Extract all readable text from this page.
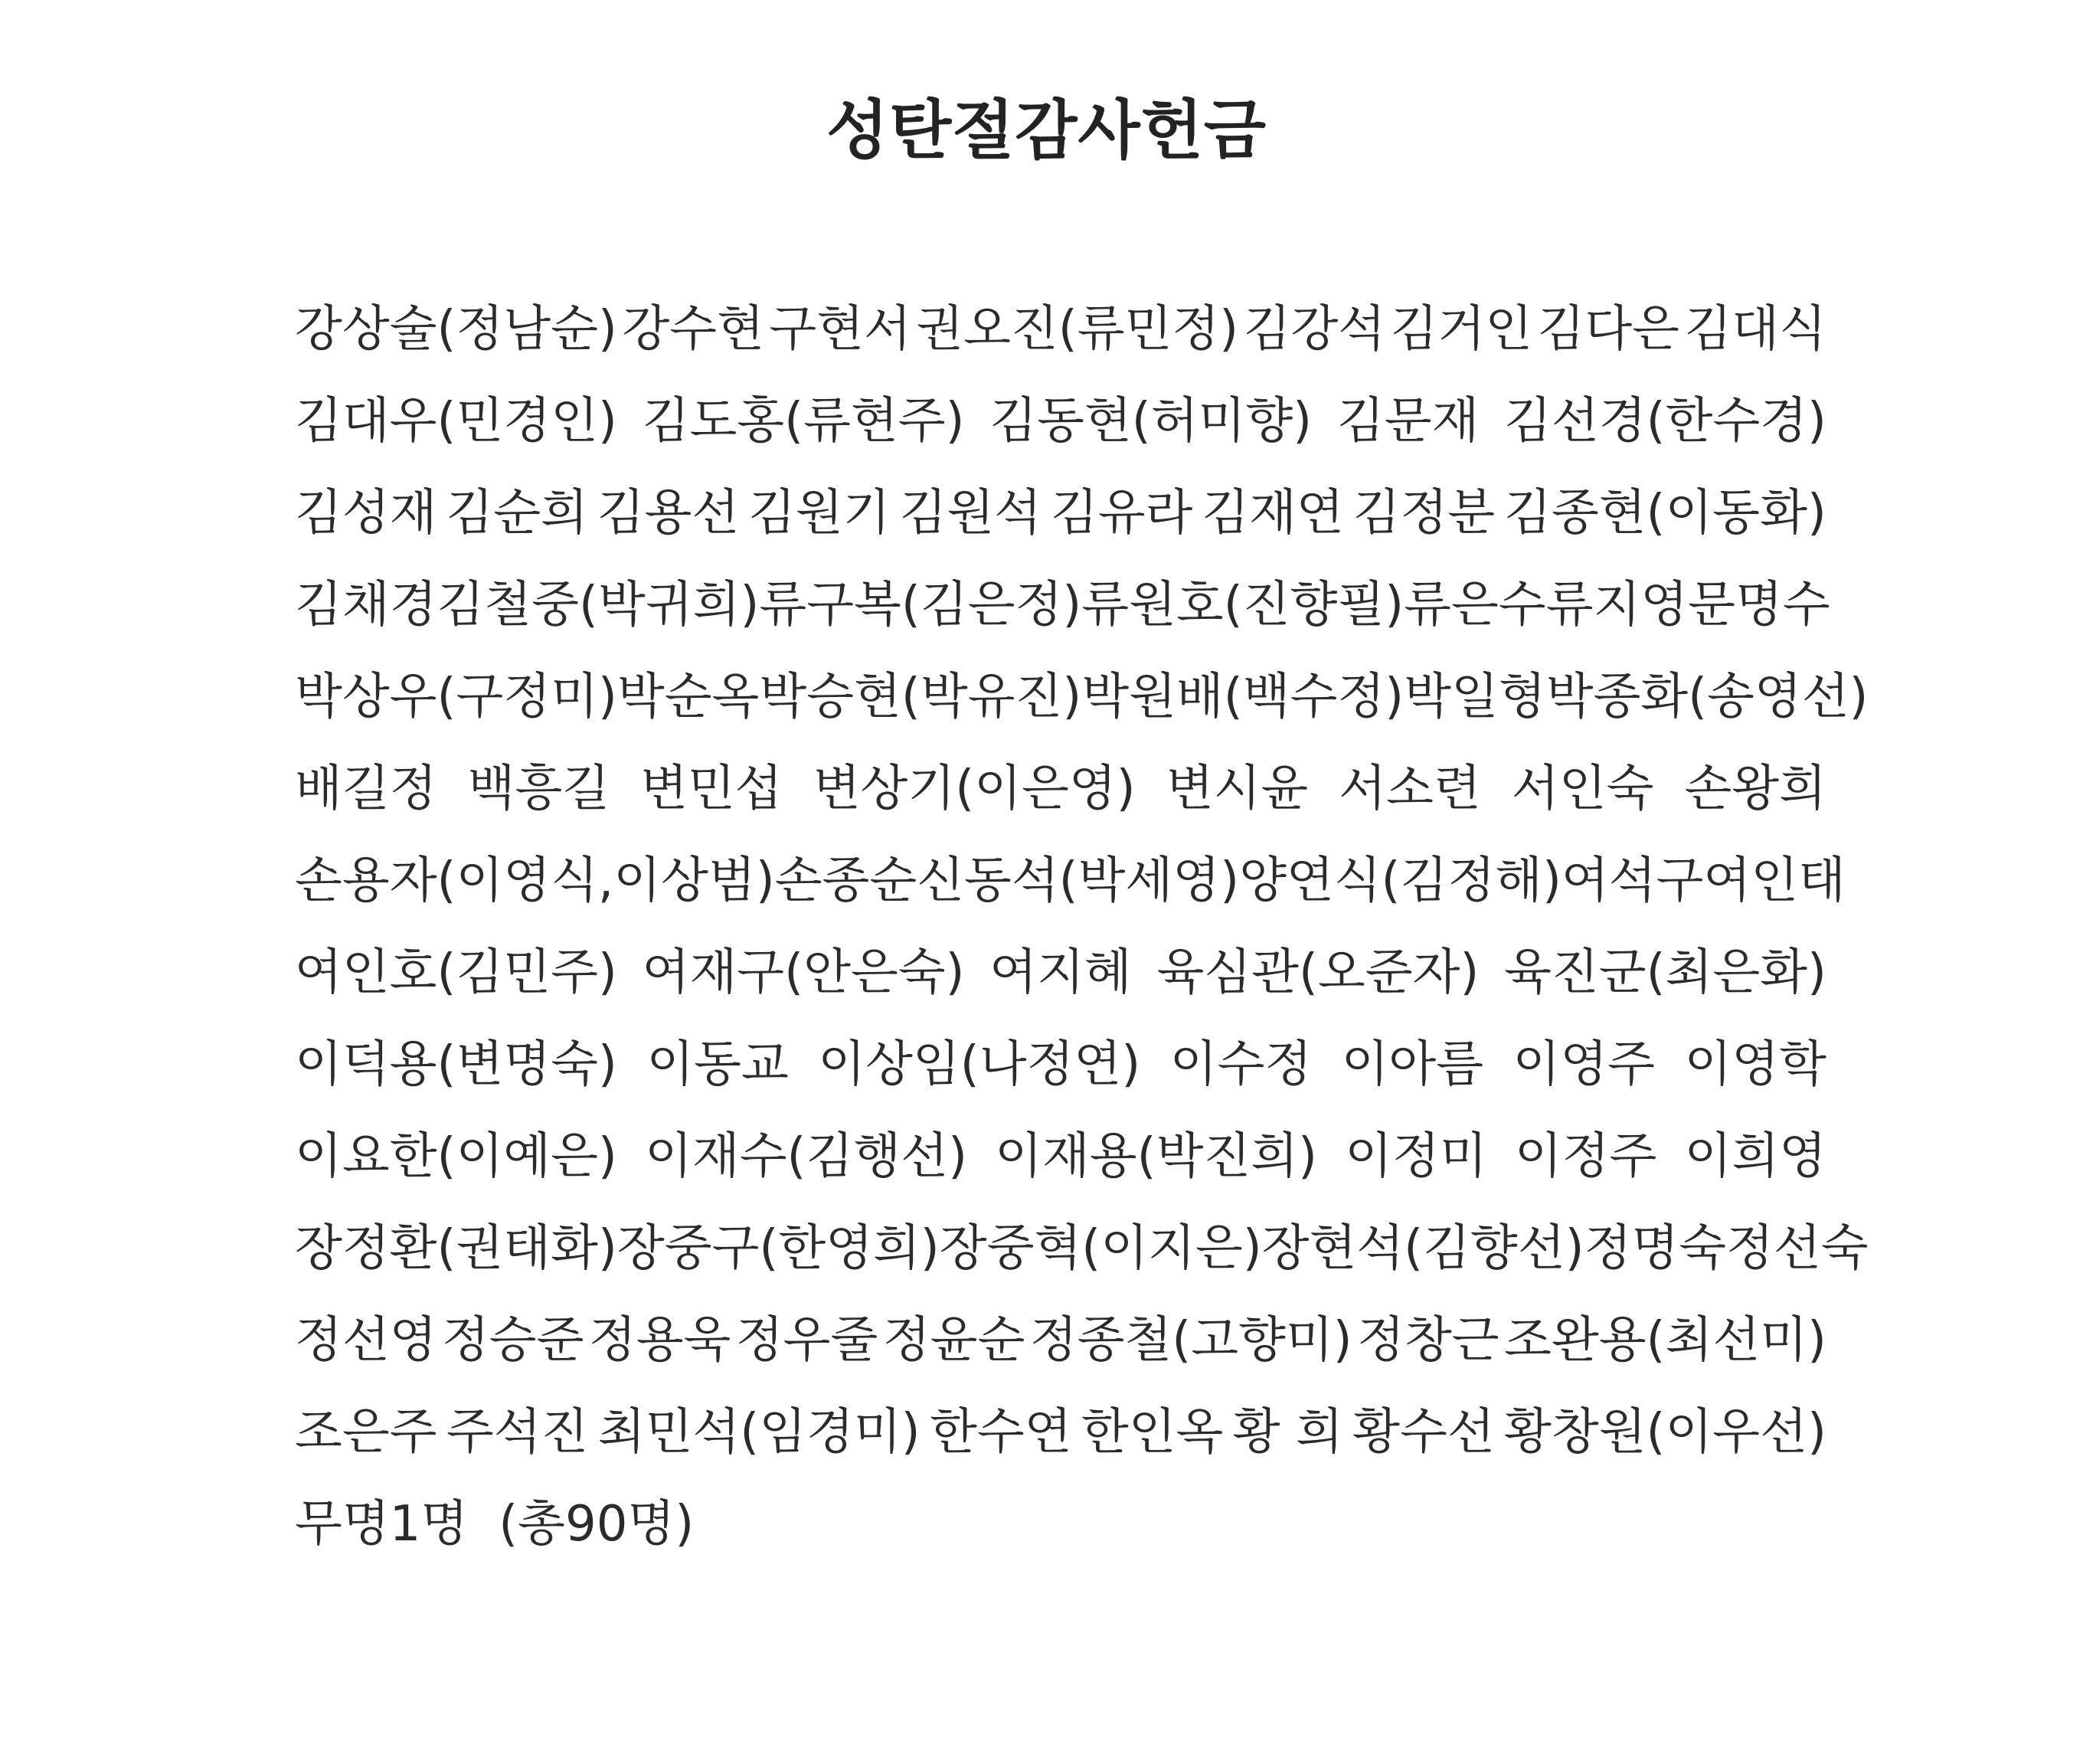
성탄절감사헌금
강상술(정남순) 강수현 구현서 권오진(류민정) 김강석 김거인 김다은 김대식
김대우(민경인) 김도홍(류현주) 김동현(허미향) 김문재 김선경(한수경)
김성재 김순희 김용선 김원기 김원석 김유라 김재연 김정분 김종현(이동화)
김채경 김철중(박귀희) 류구복(김은정) 류원호(진향필) 류은수 류지영 문명수
박상우(구정미) 박순옥 박승현(박유진) 박원배(백수정) 박일형 박종화(송영선)
배길정 백흥길 변민섭 변상기(이은영) 변시윤 서소련 서인숙 손왕희
손용자(이영식,이상범) 손종순 신동석(박세영) 양연식(김정해) 여석구 여인태
여인호(김민주) 여재구(안은숙) 여지혜 육심관(오준자) 육진군(최은화)
이덕용(변명숙) 이동교 이상임(나정연) 이수정 이아름 이영주 이영학
이요한(이예은) 이재수(김행선) 이재용(박진희) 이정미 이정주 이희영
장정환(권태화) 장중구(한영희) 장중혁(이지은) 장현석(김향선) 정명숙 정선숙
정선영 정승준 정용욱 정우줄 정윤순 정종철(고향미) 정창근 조완용(최선미)
조은주 주석진 최민석(임경미) 한수연 한인옥 황 희 황수선 황창원(이우선)
무명1명 (총90명)
